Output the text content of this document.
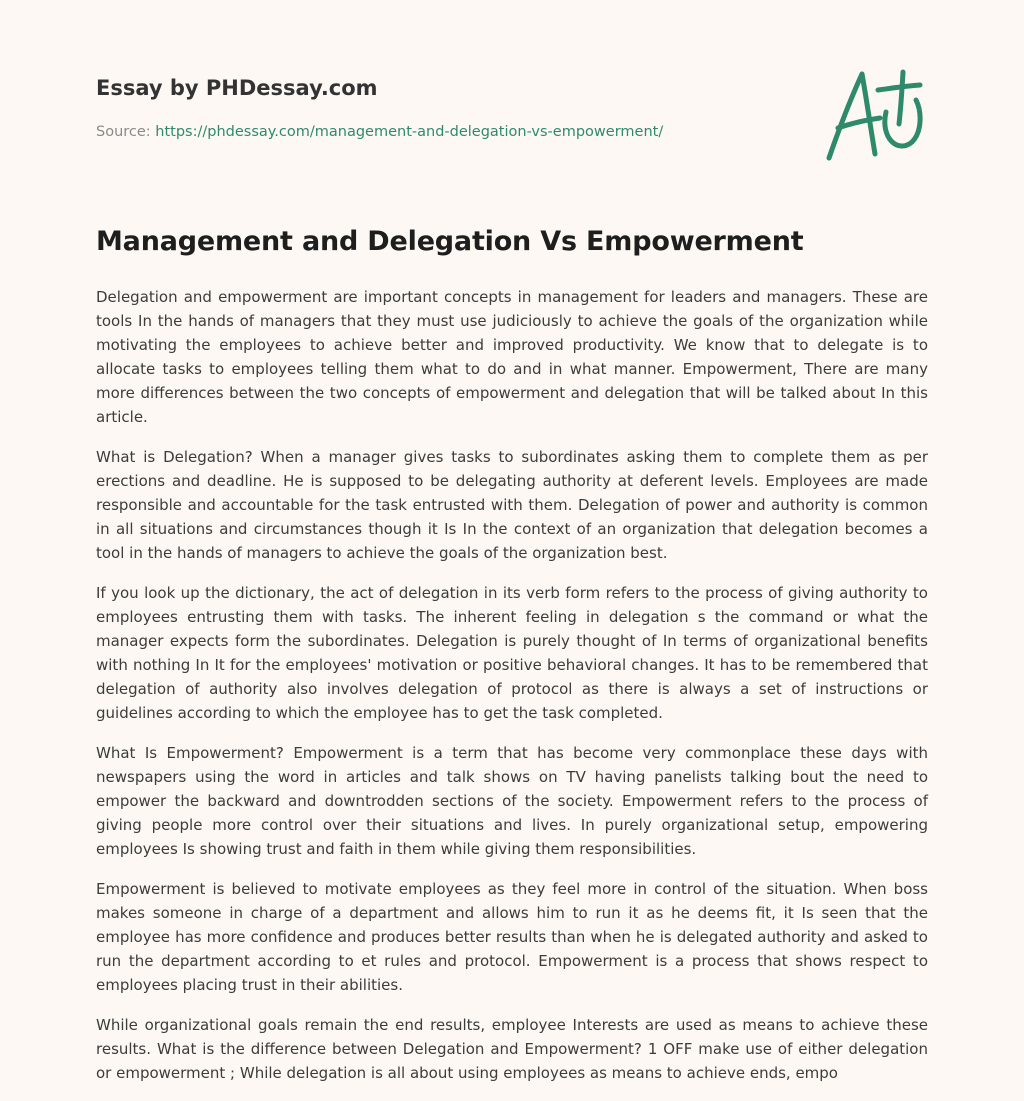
Essay by PHDessay.com
Source: https://phdessay.com/management-and-delegation-vs-empowerment/
Management and Delegation Vs Empowerment

Delegation and empowerment are important concepts in management for leaders and managers. These are tools In the hands of managers that they must use judiciously to achieve the goals of the organization while motivating the employees to achieve better and improved productivity. We know that to delegate is to allocate tasks to employees telling them what to do and in what manner. Empowerment, There are many more differences between the two concepts of empowerment and delegation that will be talked about In this article.

What is Delegation? When a manager gives tasks to subordinates asking them to complete them as per erections and deadline. He is supposed to be delegating authority at deferent levels. Employees are made responsible and accountable for the task entrusted with them. Delegation of power and authority is common in all situations and circumstances though it Is In the context of an organization that delegation becomes a tool in the hands of managers to achieve the goals of the organization best.

If you look up the dictionary, the act of delegation in its verb form refers to the process of giving authority to employees entrusting them with tasks. The inherent feeling in delegation s the command or what the manager expects form the subordinates. Delegation is purely thought of In terms of organizational benefits with nothing In It for the employees' motivation or positive behavioral changes. It has to be remembered that delegation of authority also involves delegation of protocol as there is always a set of instructions or guidelines according to which the employee has to get the task completed.

What Is Empowerment? Empowerment is a term that has become very commonplace these days with newspapers using the word in articles and talk shows on TV having panelists talking bout the need to empower the backward and downtrodden sections of the society. Empowerment refers to the process of giving people more control over their situations and lives. In purely organizational setup, empowering employees Is showing trust and faith in them while giving them responsibilities.

Empowerment is believed to motivate employees as they feel more in control of the situation. When boss makes someone in charge of a department and allows him to run it as he deems fit, it Is seen that the employee has more confidence and produces better results than when he is delegated authority and asked to run the department according to et rules and protocol. Empowerment is a process that shows respect to employees placing trust in their abilities.

While organizational goals remain the end results, employee Interests are used as means to achieve these results. What is the difference between Delegation and Empowerment? 1 OFF make use of either delegation or empowerment ; While delegation is all about using employees as means to achieve ends, empo
